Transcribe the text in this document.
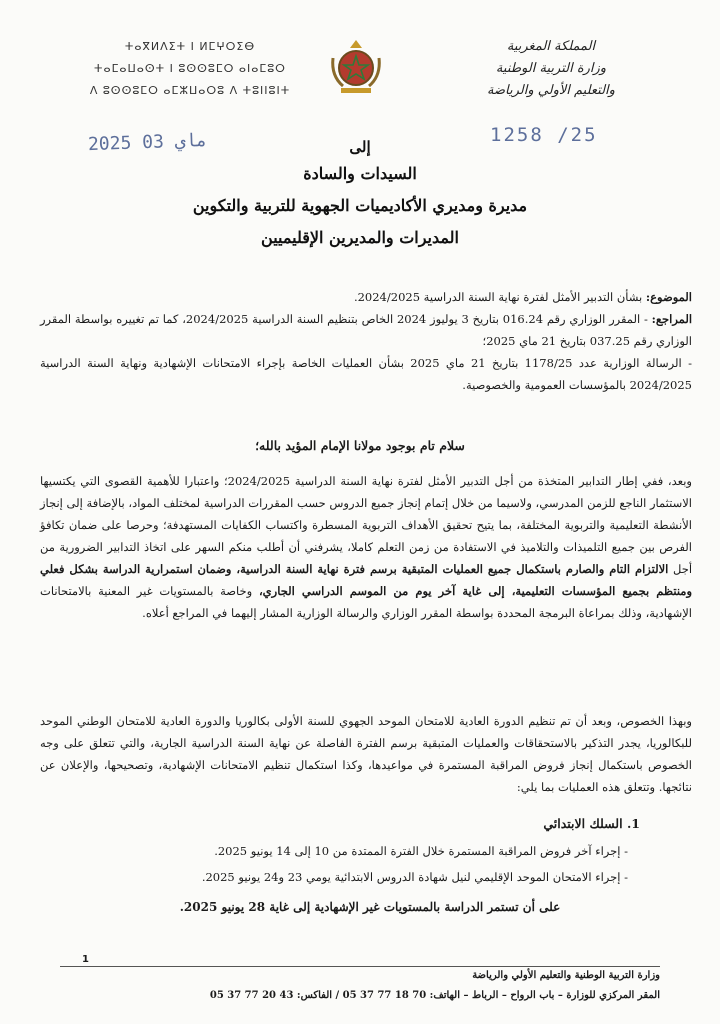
ⵜⴰⴳⵍⴷⵉⵜ ⵏ ⵍⵎⵖⵔⵉⴱ
ⵜⴰⵎⴰⵡⴰⵙⵜ ⵏ ⵓⵙⵙⵓⵎⵔ ⴰⵏⴰⵎⵓⵔ
ⴷ ⵓⵙⵙⵓⵎⵔ ⴰⵎⵣⵡⴰⵔⵓ ⴷ ⵜⵓⵏⵏⵓⵏⵜ
المملكة المغربية
وزارة التربية الوطنية
والتعليم الأولي والرياضة
2025 ماي 03	1258 /25
إلى
السيدات والسادة
مديرة ومديري الأكاديميات الجهوية للتربية والتكوين
المديرات والمديرين الإقليميين
الموضوع: بشأن التدبير الأمثل لفترة نهاية السنة الدراسية 2024/2025.
المراجع: - المقرر الوزاري رقم 016.24 بتاريخ 3 يوليوز 2024 الخاص بتنظيم السنة الدراسية 2024/2025، كما تم تغييره بواسطة المقرر الوزاري رقم 037.25 بتاريخ 21 ماي 2025؛
- الرسالة الوزارية عدد 1178/25 بتاريخ 21 ماي 2025 بشأن العمليات الخاصة بإجراء الامتحانات الإشهادية ونهاية السنة الدراسية 2024/2025 بالمؤسسات العمومية والخصوصية.
سلام تام بوجود مولانا الإمام المؤيد بالله؛
وبعد، ففي إطار التدابير المتخذة من أجل التدبير الأمثل لفترة نهاية السنة الدراسية 2024/2025؛ واعتبارا للأهمية القصوى التي يكتسيها الاستثمار الناجع للزمن المدرسي، ولاسيما من خلال إتمام إنجاز جميع الدروس حسب المقررات الدراسية لمختلف المواد، بالإضافة إلى إنجاز الأنشطة التعليمية والتربوية المختلفة، بما يتيح تحقيق الأهداف التربوية المسطرة واكتساب الكفايات المستهدفة؛ وحرصا على ضمان تكافؤ الفرص بين جميع التلميذات والتلاميذ في الاستفادة من زمن التعلم كاملا، يشرفني أن أطلب منكم السهر على اتخاذ التدابير الضرورية من أجل الالتزام التام والصارم باستكمال جميع العمليات المتبقية برسم فترة نهاية السنة الدراسية، وضمان استمرارية الدراسة بشكل فعلي ومنتظم بجميع المؤسسات التعليمية، إلى غاية آخر يوم من الموسم الدراسي الجاري، وخاصة بالمستويات غير المعنية بالامتحانات الإشهادية، وذلك بمراعاة البرمجة المحددة بواسطة المقرر الوزاري والرسالة الوزارية المشار إليهما في المراجع أعلاه.
وبهذا الخصوص، وبعد أن تم تنظيم الدورة العادية للامتحان الموحد الجهوي للسنة الأولى بكالوريا والدورة العادية للامتحان الوطني الموحد للبكالوريا، يجدر التذكير بالاستحقاقات والعمليات المتبقية برسم الفترة الفاصلة عن نهاية السنة الدراسية الجارية، والتي تتعلق على وجه الخصوص باستكمال إنجاز فروض المراقبة المستمرة في مواعيدها، وكذا استكمال تنظيم الامتحانات الإشهادية، وتصحيحها، والإعلان عن نتائجها. وتتعلق هذه العمليات بما يلي:
1. السلك الابتدائي
- إجراء آخر فروض المراقبة المستمرة خلال الفترة الممتدة من 10 إلى 14 يونيو 2025.
- إجراء الامتحان الموحد الإقليمي لنيل شهادة الدروس الابتدائية يومي 23 و24 يونيو 2025.
على أن تستمر الدراسة بالمستويات غير الإشهادية إلى غاية 28 يونيو 2025.
1
وزارة التربية الوطنية والتعليم الأولي والرياضة
المقر المركزي للوزارة – باب الرواح – الرباط – الهاتف: 70 18 77 37 05 / الفاكس: 43 20 77 37 05
